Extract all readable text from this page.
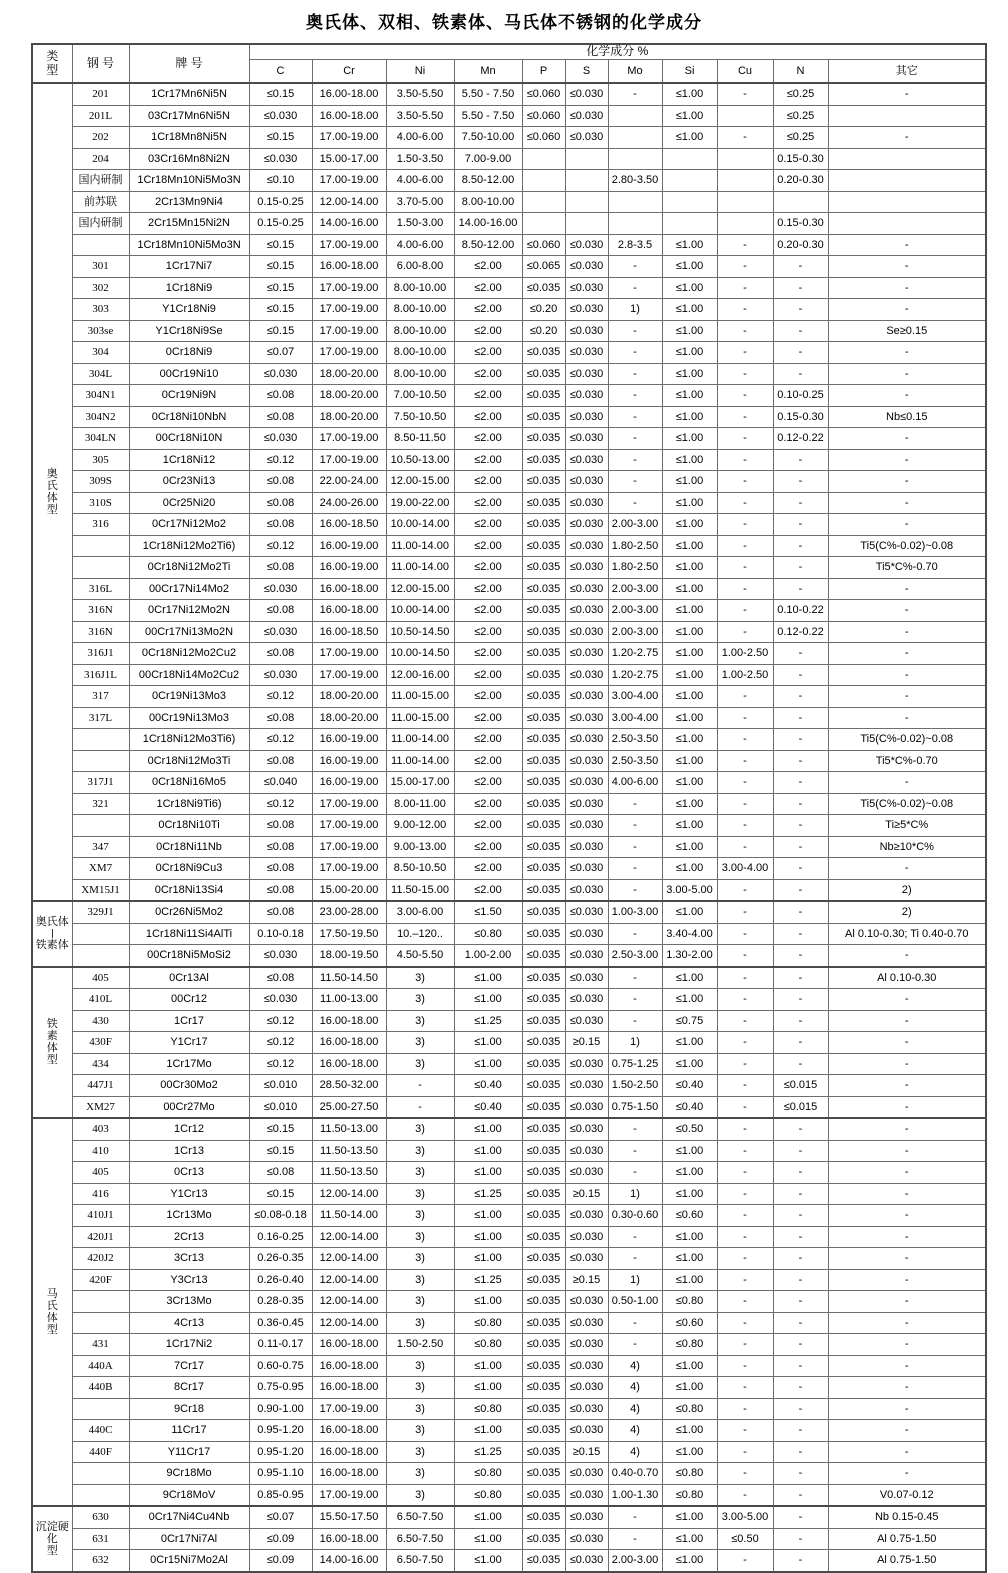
奥氏体、双相、铁素体、马氏体不锈钢的化学成分
类
型	钢 号	牌 号	化学成分 %										
			C	Cr	Ni	Mn	P	S	Mo	Si	Cu	N	其它

奥
氏
体
型	201	1Cr17Mn6Ni5N	≤0.15	16.00-18.00	3.50-5.50	5.50 - 7.50	≤0.060	≤0.030	-	≤1.00	-	≤0.25	-
	201L	03Cr17Mn6Ni5N	≤0.030	16.00-18.00	3.50-5.50	5.50 - 7.50	≤0.060	≤0.030		≤1.00		≤0.25	
	202	1Cr18Mn8Ni5N	≤0.15	17.00-19.00	4.00-6.00	7.50-10.00	≤0.060	≤0.030		≤1.00	-	≤0.25	-
	204	03Cr16Mn8Ni2N	≤0.030	15.00-17.00	1.50-3.50	7.00-9.00						0.15-0.30	
	国内研制	1Cr18Mn10Ni5Mo3N	≤0.10	17.00-19.00	4.00-6.00	8.50-12.00			2.80-3.50			0.20-0.30	
	前苏联	2Cr13Mn9Ni4	0.15-0.25	12.00-14.00	3.70-5.00	8.00-10.00							
	国内研制	2Cr15Mn15Ni2N	0.15-0.25	14.00-16.00	1.50-3.00	14.00-16.00						0.15-0.30	
		1Cr18Mn10Ni5Mo3N	≤0.15	17.00-19.00	4.00-6.00	8.50-12.00	≤0.060	≤0.030	2.8-3.5	≤1.00	-	0.20-0.30	-
	301	1Cr17Ni7	≤0.15	16.00-18.00	6.00-8.00	≤2.00	≤0.065	≤0.030	-	≤1.00	-	-	-
	302	1Cr18Ni9	≤0.15	17.00-19.00	8.00-10.00	≤2.00	≤0.035	≤0.030	-	≤1.00	-	-	-
	303	Y1Cr18Ni9	≤0.15	17.00-19.00	8.00-10.00	≤2.00	≤0.20	≤0.030	1)	≤1.00	-	-	-
	303se	Y1Cr18Ni9Se	≤0.15	17.00-19.00	8.00-10.00	≤2.00	≤0.20	≤0.030	-	≤1.00	-	-	Se≥0.15
	304	0Cr18Ni9	≤0.07	17.00-19.00	8.00-10.00	≤2.00	≤0.035	≤0.030	-	≤1.00	-	-	-
	304L	00Cr19Ni10	≤0.030	18.00-20.00	8.00-10.00	≤2.00	≤0.035	≤0.030	-	≤1.00	-	-	-
	304N1	0Cr19Ni9N	≤0.08	18.00-20.00	7.00-10.50	≤2.00	≤0.035	≤0.030	-	≤1.00	-	0.10-0.25	-
	304N2	0Cr18Ni10NbN	≤0.08	18.00-20.00	7.50-10.50	≤2.00	≤0.035	≤0.030	-	≤1.00	-	0.15-0.30	Nb≤0.15
	304LN	00Cr18Ni10N	≤0.030	17.00-19.00	8.50-11.50	≤2.00	≤0.035	≤0.030	-	≤1.00	-	0.12-0.22	-
	305	1Cr18Ni12	≤0.12	17.00-19.00	10.50-13.00	≤2.00	≤0.035	≤0.030	-	≤1.00	-	-	-
	309S	0Cr23Ni13	≤0.08	22.00-24.00	12.00-15.00	≤2.00	≤0.035	≤0.030	-	≤1.00	-	-	-
	310S	0Cr25Ni20	≤0.08	24.00-26.00	19.00-22.00	≤2.00	≤0.035	≤0.030	-	≤1.00	-	-	-
	316	0Cr17Ni12Mo2	≤0.08	16.00-18.50	10.00-14.00	≤2.00	≤0.035	≤0.030	2.00-3.00	≤1.00	-	-	-
		1Cr18Ni12Mo2Ti6)	≤0.12	16.00-19.00	11.00-14.00	≤2.00	≤0.035	≤0.030	1.80-2.50	≤1.00	-	-	Ti5(C%-0.02)~0.08
		0Cr18Ni12Mo2Ti	≤0.08	16.00-19.00	11.00-14.00	≤2.00	≤0.035	≤0.030	1.80-2.50	≤1.00	-	-	Ti5*C%-0.70
	316L	00Cr17Ni14Mo2	≤0.030	16.00-18.00	12.00-15.00	≤2.00	≤0.035	≤0.030	2.00-3.00	≤1.00	-	-	-
	316N	0Cr17Ni12Mo2N	≤0.08	16.00-18.00	10.00-14.00	≤2.00	≤0.035	≤0.030	2.00-3.00	≤1.00	-	0.10-0.22	-
	316N	00Cr17Ni13Mo2N	≤0.030	16.00-18.50	10.50-14.50	≤2.00	≤0.035	≤0.030	2.00-3.00	≤1.00	-	0.12-0.22	-
	316J1	0Cr18Ni12Mo2Cu2	≤0.08	17.00-19.00	10.00-14.50	≤2.00	≤0.035	≤0.030	1.20-2.75	≤1.00	1.00-2.50	-	-
	316J1L	00Cr18Ni14Mo2Cu2	≤0.030	17.00-19.00	12.00-16.00	≤2.00	≤0.035	≤0.030	1.20-2.75	≤1.00	1.00-2.50	-	-
	317	0Cr19Ni13Mo3	≤0.12	18.00-20.00	11.00-15.00	≤2.00	≤0.035	≤0.030	3.00-4.00	≤1.00	-	-	-
	317L	00Cr19Ni13Mo3	≤0.08	18.00-20.00	11.00-15.00	≤2.00	≤0.035	≤0.030	3.00-4.00	≤1.00	-	-	-
		1Cr18Ni12Mo3Ti6)	≤0.12	16.00-19.00	11.00-14.00	≤2.00	≤0.035	≤0.030	2.50-3.50	≤1.00	-	-	Ti5(C%-0.02)~0.08
		0Cr18Ni12Mo3Ti	≤0.08	16.00-19.00	11.00-14.00	≤2.00	≤0.035	≤0.030	2.50-3.50	≤1.00	-	-	Ti5*C%-0.70
	317J1	0Cr18Ni16Mo5	≤0.040	16.00-19.00	15.00-17.00	≤2.00	≤0.035	≤0.030	4.00-6.00	≤1.00	-	-	-
	321	1Cr18Ni9Ti6)	≤0.12	17.00-19.00	8.00-11.00	≤2.00	≤0.035	≤0.030	-	≤1.00	-	-	Ti5(C%-0.02)~0.08
		0Cr18Ni10Ti	≤0.08	17.00-19.00	9.00-12.00	≤2.00	≤0.035	≤0.030	-	≤1.00	-	-	Ti≥5*C%
	347	0Cr18Ni11Nb	≤0.08	17.00-19.00	9.00-13.00	≤2.00	≤0.035	≤0.030	-	≤1.00	-	-	Nb≥10*C%
	XM7	0Cr18Ni9Cu3	≤0.08	17.00-19.00	8.50-10.50	≤2.00	≤0.035	≤0.030	-	≤1.00	3.00-4.00	-	-
	XM15J1	0Cr18Ni13Si4	≤0.08	15.00-20.00	11.50-15.00	≤2.00	≤0.035	≤0.030	-	3.00-5.00	-	-	2)

奥氏体
铁素体	329J1	0Cr26Ni5Mo2	≤0.08	23.00-28.00	3.00-6.00	≤1.50	≤0.035	≤0.030	1.00-3.00	≤1.00	-	-	2)
		1Cr18Ni11Si4AlTi	0.10-0.18	17.50-19.50	10.–120..	≤0.80	≤0.035	≤0.030	-	3.40-4.00	-	-	Al 0.10-0.30; Ti 0.40-0.70
		00Cr18Ni5MoSi2	≤0.030	18.00-19.50	4.50-5.50	1.00-2.00	≤0.035	≤0.030	2.50-3.00	1.30-2.00	-	-	-

铁
素
体
型	405	0Cr13Al	≤0.08	11.50-14.50	3)	≤1.00	≤0.035	≤0.030	-	≤1.00	-	-	Al 0.10-0.30
	410L	00Cr12	≤0.030	11.00-13.00	3)	≤1.00	≤0.035	≤0.030	-	≤1.00	-	-	-
	430	1Cr17	≤0.12	16.00-18.00	3)	≤1.25	≤0.035	≤0.030	-	≤0.75	-	-	-
	430F	Y1Cr17	≤0.12	16.00-18.00	3)	≤1.00	≤0.035	≥0.15	1)	≤1.00	-	-	-
	434	1Cr17Mo	≤0.12	16.00-18.00	3)	≤1.00	≤0.035	≤0.030	0.75-1.25	≤1.00	-	-	-
	447J1	00Cr30Mo2	≤0.010	28.50-32.00	-	≤0.40	≤0.035	≤0.030	1.50-2.50	≤0.40	-	≤0.015	-
	XM27	00Cr27Mo	≤0.010	25.00-27.50	-	≤0.40	≤0.035	≤0.030	0.75-1.50	≤0.40	-	≤0.015	-

马
氏
体
型	403	1Cr12	≤0.15	11.50-13.00	3)	≤1.00	≤0.035	≤0.030	-	≤0.50	-	-	-
	410	1Cr13	≤0.15	11.50-13.50	3)	≤1.00	≤0.035	≤0.030	-	≤1.00	-	-	-
	405	0Cr13	≤0.08	11.50-13.50	3)	≤1.00	≤0.035	≤0.030	-	≤1.00	-	-	-
	416	Y1Cr13	≤0.15	12.00-14.00	3)	≤1.25	≤0.035	≥0.15	1)	≤1.00	-	-	-
	410J1	1Cr13Mo	≤0.08-0.18	11.50-14.00	3)	≤1.00	≤0.035	≤0.030	0.30-0.60	≤0.60	-	-	-
	420J1	2Cr13	0.16-0.25	12.00-14.00	3)	≤1.00	≤0.035	≤0.030	-	≤1.00	-	-	-
	420J2	3Cr13	0.26-0.35	12.00-14.00	3)	≤1.00	≤0.035	≤0.030	-	≤1.00	-	-	-
	420F	Y3Cr13	0.26-0.40	12.00-14.00	3)	≤1.25	≤0.035	≥0.15	1)	≤1.00	-	-	-
		3Cr13Mo	0.28-0.35	12.00-14.00	3)	≤1.00	≤0.035	≤0.030	0.50-1.00	≤0.80	-	-	-
		4Cr13	0.36-0.45	12.00-14.00	3)	≤0.80	≤0.035	≤0.030	-	≤0.60	-	-	-
	431	1Cr17Ni2	0.11-0.17	16.00-18.00	1.50-2.50	≤0.80	≤0.035	≤0.030	-	≤0.80	-	-	-
	440A	7Cr17	0.60-0.75	16.00-18.00	3)	≤1.00	≤0.035	≤0.030	4)	≤1.00	-	-	-
	440B	8Cr17	0.75-0.95	16.00-18.00	3)	≤1.00	≤0.035	≤0.030	4)	≤1.00	-	-	-
		9Cr18	0.90-1.00	17.00-19.00	3)	≤0.80	≤0.035	≤0.030	4)	≤0.80	-	-	-
	440C	11Cr17	0.95-1.20	16.00-18.00	3)	≤1.00	≤0.035	≤0.030	4)	≤1.00	-	-	-
	440F	Y11Cr17	0.95-1.20	16.00-18.00	3)	≤1.25	≤0.035	≥0.15	4)	≤1.00	-	-	-
		9Cr18Mo	0.95-1.10	16.00-18.00	3)	≤0.80	≤0.035	≤0.030	0.40-0.70	≤0.80	-	-	-
		9Cr18MoV	0.85-0.95	17.00-19.00	3)	≤0.80	≤0.035	≤0.030	1.00-1.30	≤0.80	-	-	V0.07-0.12

沉淀硬
化
型	630	0Cr17Ni4Cu4Nb	≤0.07	15.50-17.50	6.50-7.50	≤1.00	≤0.035	≤0.030	-	≤1.00	3.00-5.00	-	Nb 0.15-0.45
	631	0Cr17Ni7Al	≤0.09	16.00-18.00	6.50-7.50	≤1.00	≤0.035	≤0.030	-	≤1.00	≤0.50	-	Al 0.75-1.50
	632	0Cr15Ni7Mo2Al	≤0.09	14.00-16.00	6.50-7.50	≤1.00	≤0.035	≤0.030	2.00-3.00	≤1.00	-	-	Al 0.75-1.50
